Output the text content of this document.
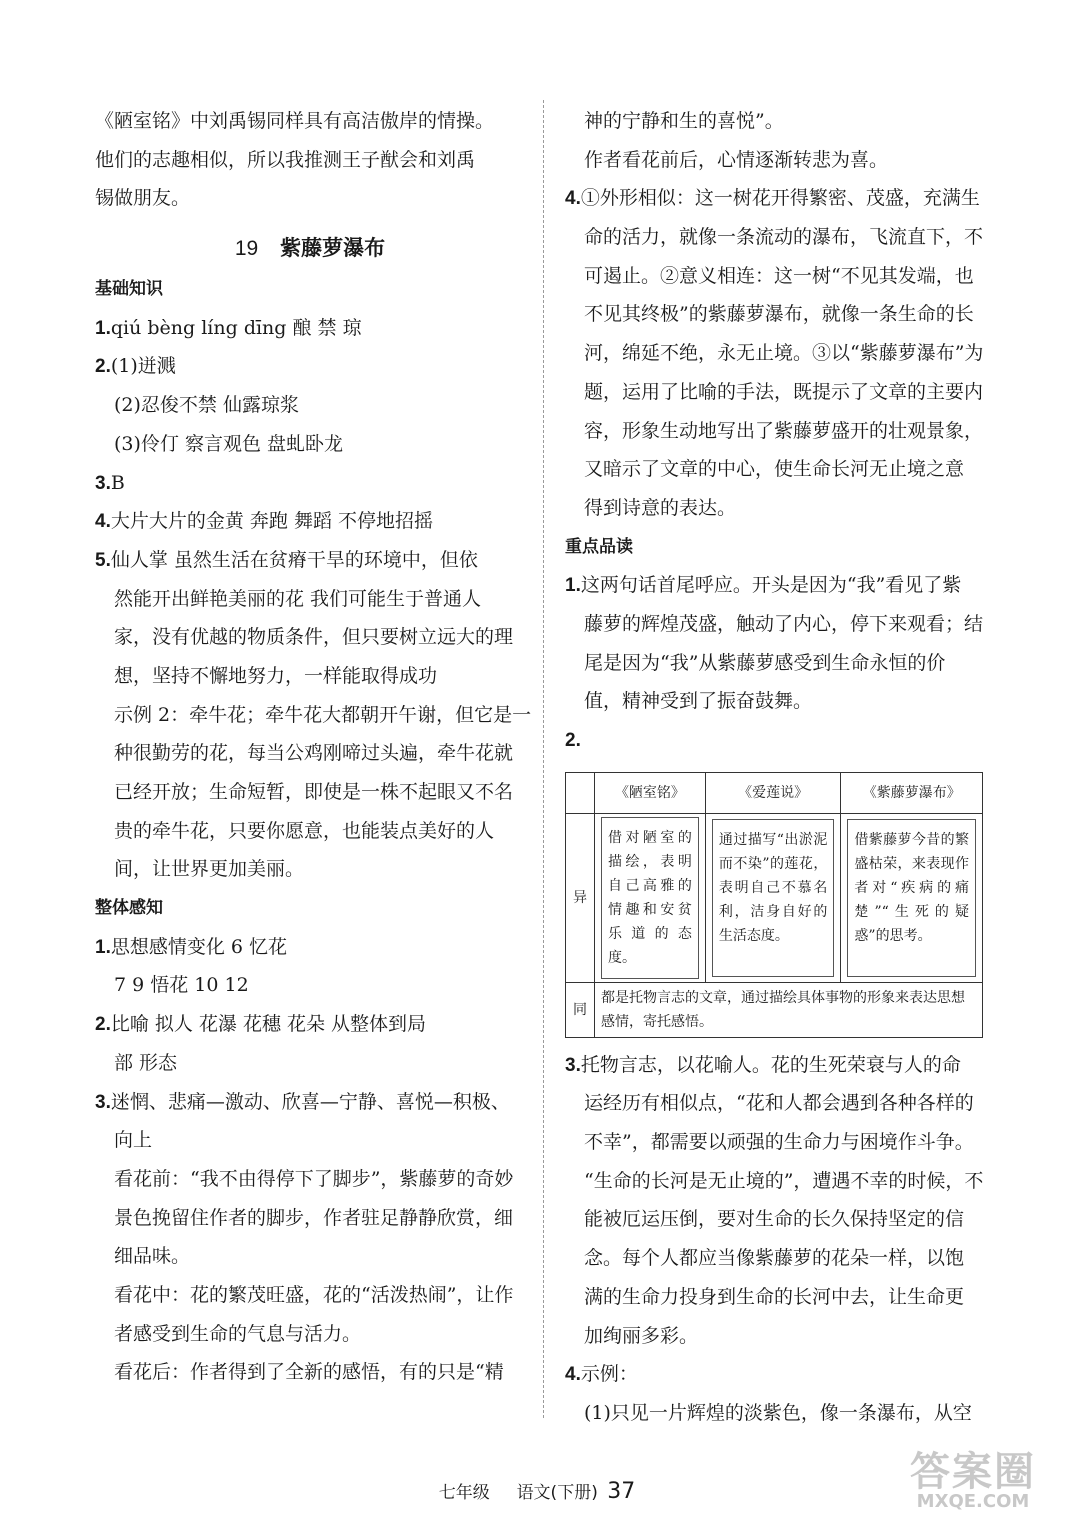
《陋室铭》中刘禹锡同样具有高洁傲岸的情操。
他们的志趣相似，所以我推测王子猷会和刘禹
锡做朋友。
19 紫藤萝瀑布
基础知识
1.qiú bèng líng dīng 酿 禁 琼
2.(1)迸溅
(2)忍俊不禁 仙露琼浆
(3)伶仃 察言观色 盘虬卧龙
3.B
4.大片大片的金黄 奔跑 舞蹈 不停地招摇
5.仙人掌 虽然生活在贫瘠干旱的环境中，但依
然能开出鲜艳美丽的花 我们可能生于普通人
家，没有优越的物质条件，但只要树立远大的理
想，坚持不懈地努力，一样能取得成功
示例 2：牵牛花；牵牛花大都朝开午谢，但它是一
种很勤劳的花，每当公鸡刚啼过头遍，牵牛花就
已经开放；生命短暂，即使是一株不起眼又不名
贵的牵牛花，只要你愿意，也能装点美好的人
间，让世界更加美丽。
整体感知
1.思想感情变化 6 忆花
7 9 悟花 10 12
2.比喻 拟人 花瀑 花穗 花朵 从整体到局
部 形态
3.迷惘、悲痛—激动、欣喜—宁静、喜悦—积极、
向上
看花前：“我不由得停下了脚步”，紫藤萝的奇妙
景色挽留住作者的脚步，作者驻足静静欣赏，细
细品味。
看花中：花的繁茂旺盛，花的“活泼热闹”，让作
者感受到生命的气息与活力。
看花后：作者得到了全新的感悟，有的只是“精
神的宁静和生的喜悦”。
作者看花前后，心情逐渐转悲为喜。
4.①外形相似：这一树花开得繁密、茂盛，充满生
命的活力，就像一条流动的瀑布，飞流直下，不
可遏止。②意义相连：这一树“不见其发端，也
不见其终极”的紫藤萝瀑布，就像一条生命的长
河，绵延不绝，永无止境。③以“紫藤萝瀑布”为
题，运用了比喻的手法，既提示了文章的主要内
容，形象生动地写出了紫藤萝盛开的壮观景象，
又暗示了文章的中心，使生命长河无止境之意
得到诗意的表达。
重点品读
1.这两句话首尾呼应。开头是因为“我”看见了紫
藤萝的辉煌茂盛，触动了内心，停下来观看；结
尾是因为“我”从紫藤萝感受到生命永恒的价
值，精神受到了振奋鼓舞。
2.
	《陋室铭》	《爱莲说》	《紫藤萝瀑布》
异	借对陋室的描绘，表明自己高雅的情趣和安贫乐道的态度。	通过描写“出淤泥而不染”的莲花，表明自己不慕名利，洁身自好的生活态度。	借紫藤萝今昔的繁盛枯荣，来表现作者对“疾病的痛楚”“生死的疑惑”的思考。

同	都是托物言志的文章，通过描绘具体事物的形象来表达思想感情，寄托感悟。		
3.托物言志，以花喻人。花的生死荣衰与人的命
运经历有相似点，“花和人都会遇到各种各样的
不幸”，都需要以顽强的生命力与困境作斗争。
“生命的长河是无止境的”，遭遇不幸的时候，不
能被厄运压倒，要对生命的长久保持坚定的信
念。每个人都应当像紫藤萝的花朵一样，以饱
满的生命力投身到生命的长河中去，让生命更
加绚丽多彩。
4.示例：
(1)只见一片辉煌的淡紫色，像一条瀑布，从空
七年级 语文(下册) 37	答案圈
MXQE.COM
